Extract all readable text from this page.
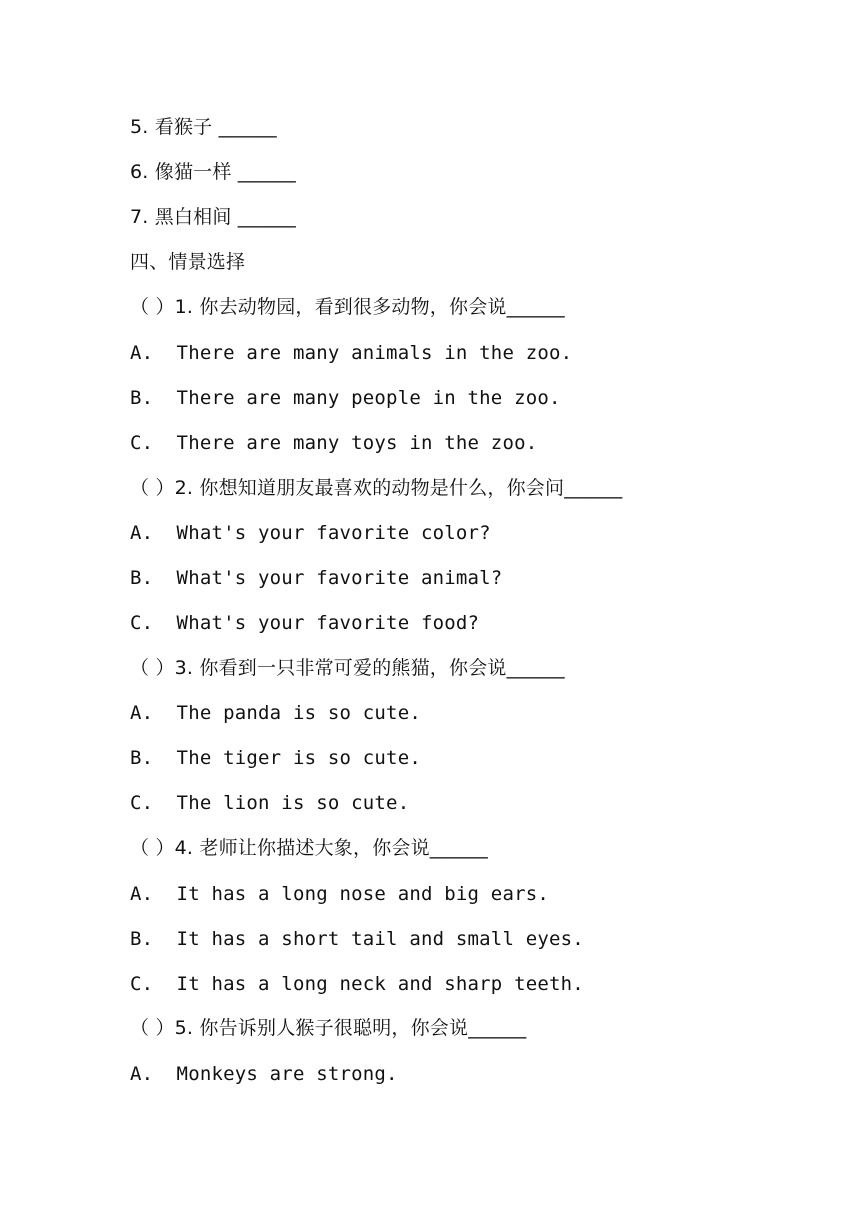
5. 看猴子 ______
6. 像猫一样 ______
7. 黑白相间 ______
四、情景选择
（ ）1. 你去动物园，看到很多动物，你会说______
A.  There are many animals in the zoo.
B.  There are many people in the zoo.
C.  There are many toys in the zoo.
（ ）2. 你想知道朋友最喜欢的动物是什么，你会问______
A.  What's your favorite color?
B.  What's your favorite animal?
C.  What's your favorite food?
（ ）3. 你看到一只非常可爱的熊猫，你会说______
A.  The panda is so cute.
B.  The tiger is so cute.
C.  The lion is so cute.
（ ）4. 老师让你描述大象，你会说______
A.  It has a long nose and big ears.
B.  It has a short tail and small eyes.
C.  It has a long neck and sharp teeth.
（ ）5. 你告诉别人猴子很聪明，你会说______
A.  Monkeys are strong.
